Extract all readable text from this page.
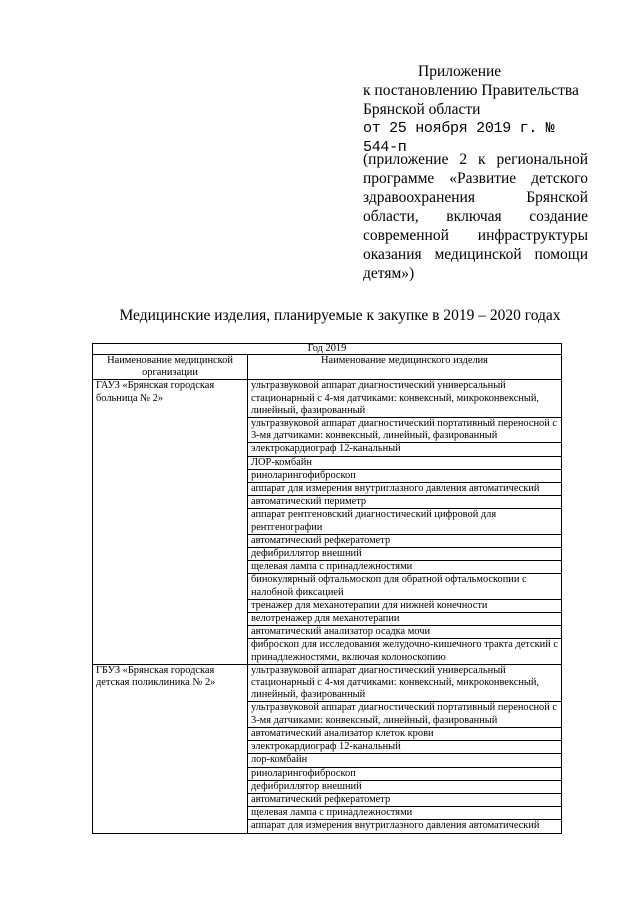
Приложение
к постановлению Правительства
Брянской области
от 25 ноября 2019 г. № 544-п
(приложение 2 к региональной программе «Развитие детского здравоохранения Брянской области, включая создание современной инфраструктуры оказания медицинской помощи детям»)
Медицинские изделия, планируемые к закупке в 2019 – 2020 годах
Год 2019	
Наименование медицинской организации	Наименование медицинского изделия
ГАУЗ «Брянская городская больница № 2»	ультразвуковой аппарат диагностический универсальный стационарный с 4-мя датчиками: конвексный, микроконвексный, линейный, фазированный
	ультразвуковой аппарат диагностический портативный переносной с 3-мя датчиками: конвексный, линейный, фазированный
	электрокардиограф 12-канальный
	ЛОР-комбайн
	риноларингофиброскоп
	аппарат для измерения внутриглазного давления автоматический
	автоматический периметр
	аппарат рентгеновский диагностический цифровой для рентгенографии
	автоматический рефкератометр
	дефибриллятор внешний
	щелевая лампа с принадлежностями
	бинокулярный офтальмоскоп для обратной офтальмоскопии с налобной фиксацией
	тренажер для механотерапии для нижней конечности
	велотренажер для механотерапии
	автоматический анализатор осадка мочи
	фиброскоп для исследования желудочно-кишечного тракта детский с принадлежностями, включая колоноскопию
ГБУЗ «Брянская городская детская поликлиника № 2»	ультразвуковой аппарат диагностический универсальный стационарный с 4-мя датчиками: конвексный, микроконвексный, линейный, фазированный
	ультразвуковой аппарат диагностический портативный переносной с 3-мя датчиками: конвексный, линейный, фазированный
	автоматический анализатор клеток крови
	электрокардиограф 12-канальный
	лор-комбайн
	риноларингофиброскоп
	дефибриллятор внешний
	автоматический рефкератометр
	щелевая лампа с принадлежностями
	аппарат для измерения внутриглазного давления автоматический
